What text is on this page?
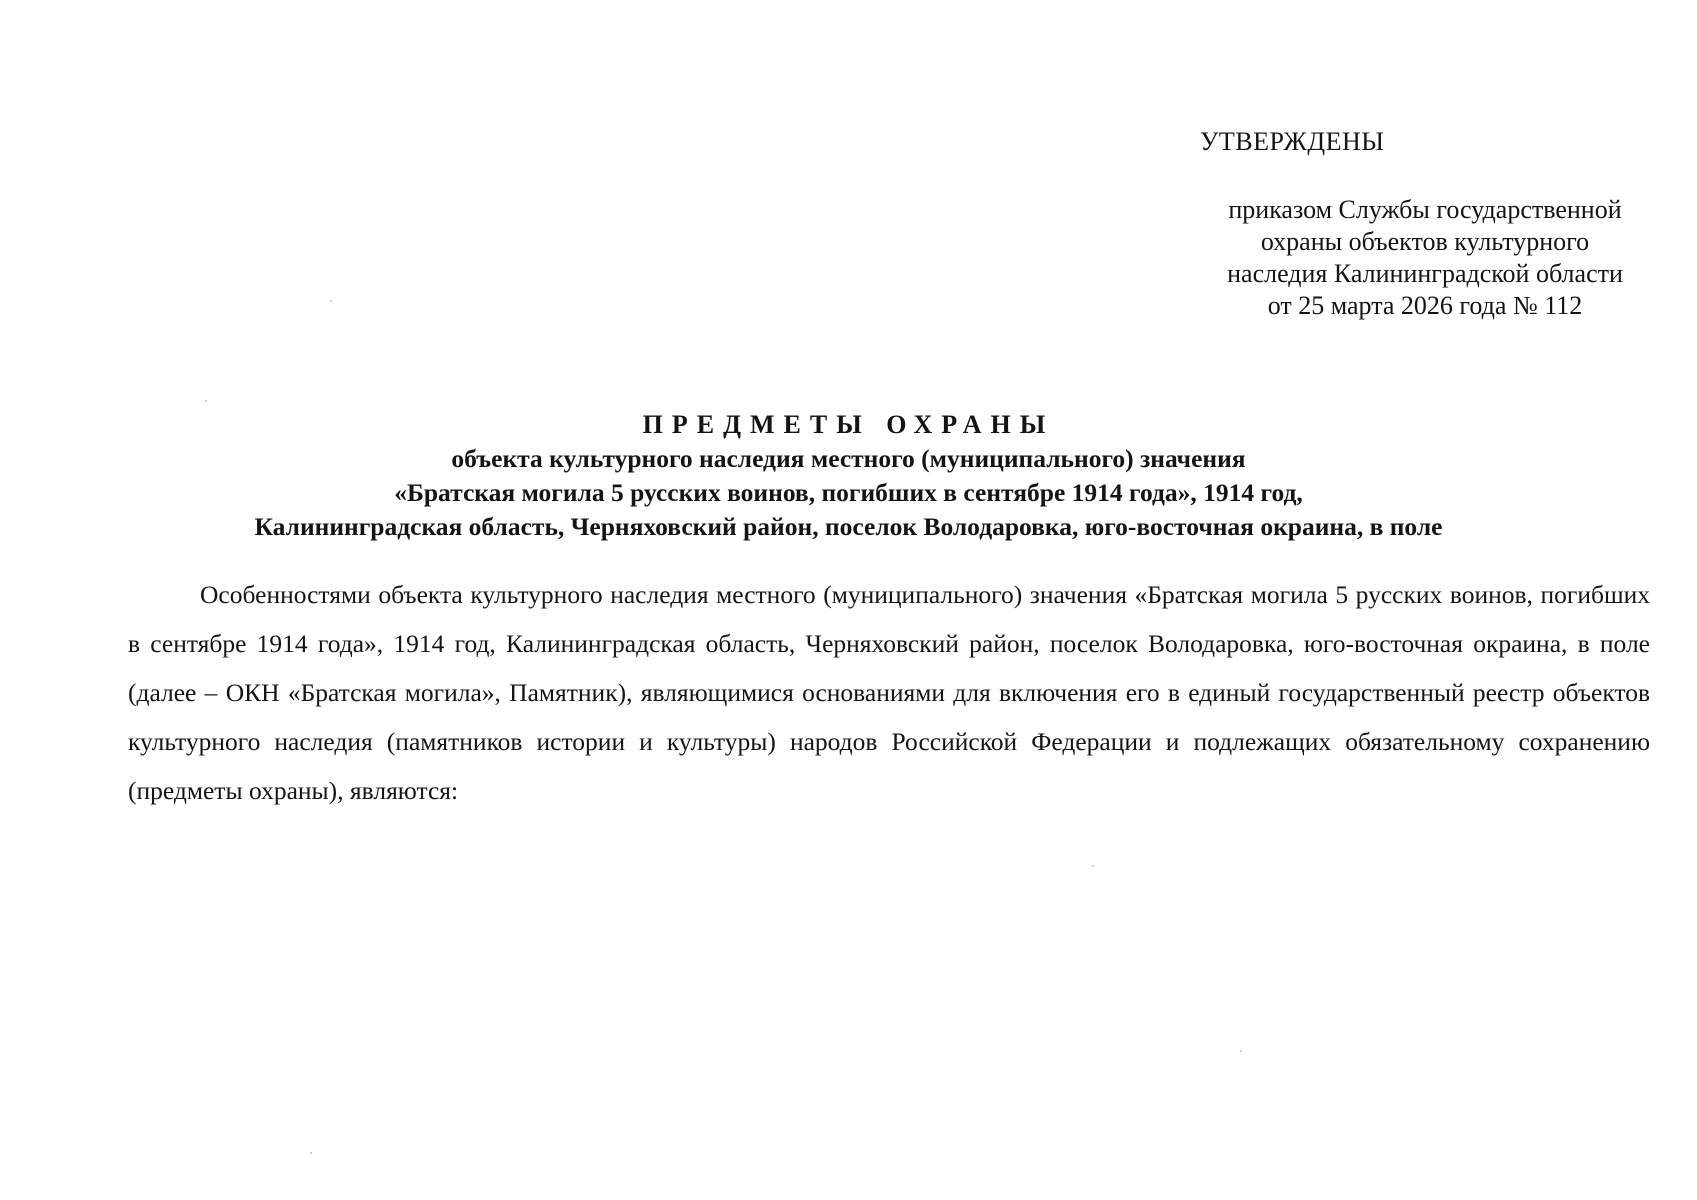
УТВЕРЖДЕНЫ
приказом Службы государственной
охраны объектов культурного
наследия Калининградской области
от 25 марта 2026 года № 112
ПРЕДМЕТЫ ОХРАНЫ
объекта культурного наследия местного (муниципального) значения
«Братская могила 5 русских воинов, погибших в сентябре 1914 года», 1914 год,
Калининградская область, Черняховский район, поселок Володаровка, юго-восточная окраина, в поле

Особенностями объекта культурного наследия местного (муниципального) значения «Братская могила 5 русских воинов, погибших в сентябре 1914 года», 1914 год, Калининградская область, Черняховский район, поселок Володаровка, юго-восточная окраина, в поле (далее – ОКН «Братская могила», Памятник), являющимися основаниями для включения его в единый государственный реестр объектов культурного наследия (памятников истории и культуры) народов Российской Федерации и подлежащих обязательному сохранению (предметы охраны), являются:
